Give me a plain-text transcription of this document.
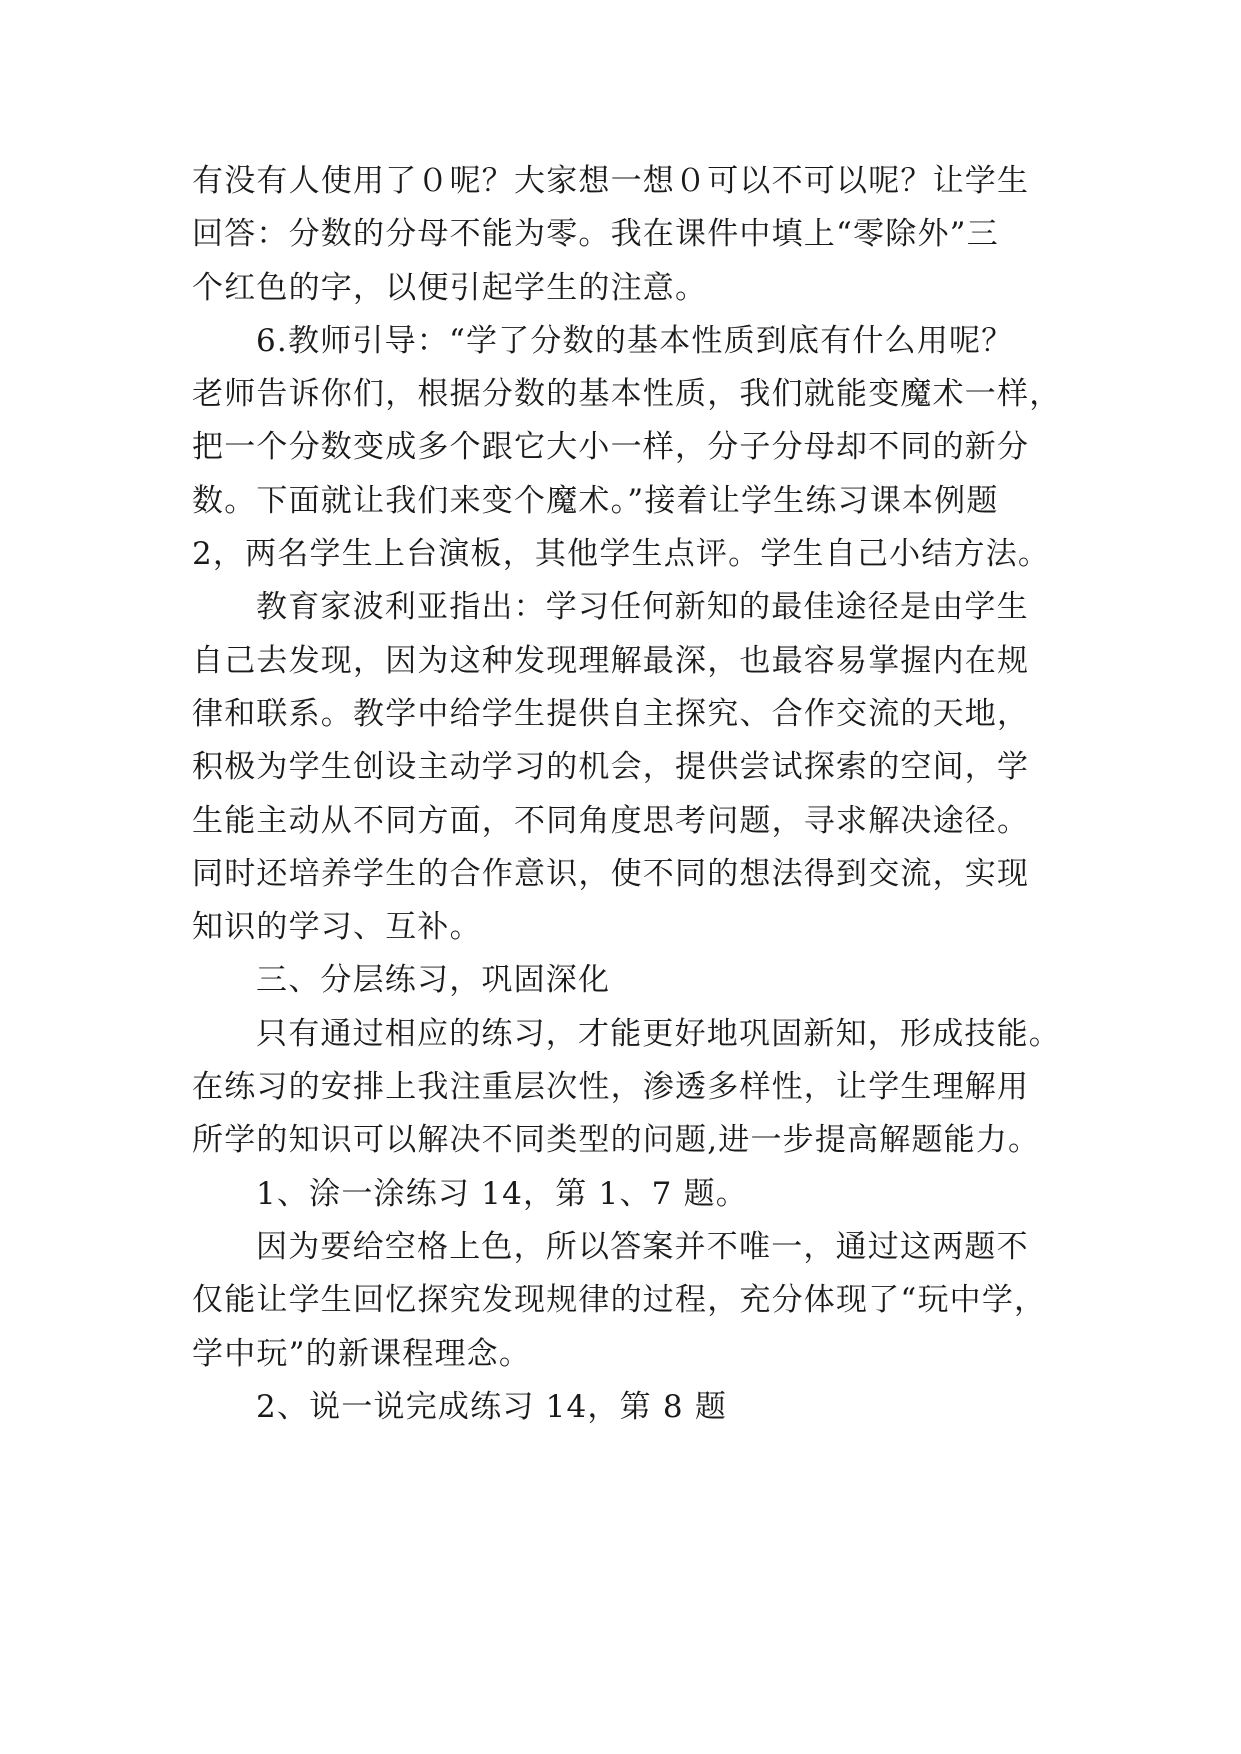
有没有人使用了０呢？大家想一想０可以不可以呢？让学生
回答：分数的分母不能为零。我在课件中填上“零除外”三
个红色的字，以便引起学生的注意。
6.教师引导：“学了分数的基本性质到底有什么用呢？
老师告诉你们，根据分数的基本性质，我们就能变魔术一样，
把一个分数变成多个跟它大小一样，分子分母却不同的新分
数。下面就让我们来变个魔术。”接着让学生练习课本例题
2，两名学生上台演板，其他学生点评。学生自己小结方法。
教育家波利亚指出：学习任何新知的最佳途径是由学生
自己去发现，因为这种发现理解最深，也最容易掌握内在规
律和联系。教学中给学生提供自主探究、合作交流的天地，
积极为学生创设主动学习的机会，提供尝试探索的空间，学
生能主动从不同方面，不同角度思考问题，寻求解决途径。
同时还培养学生的合作意识，使不同的想法得到交流，实现
知识的学习、互补。
三、分层练习，巩固深化
只有通过相应的练习，才能更好地巩固新知，形成技能。
在练习的安排上我注重层次性，渗透多样性，让学生理解用
所学的知识可以解决不同类型的问题,进一步提高解题能力。
1、涂一涂练习 14，第 1、7 题。
因为要给空格上色，所以答案并不唯一，通过这两题不
仅能让学生回忆探究发现规律的过程，充分体现了“玩中学，
学中玩”的新课程理念。
2、说一说完成练习 14，第 8 题
